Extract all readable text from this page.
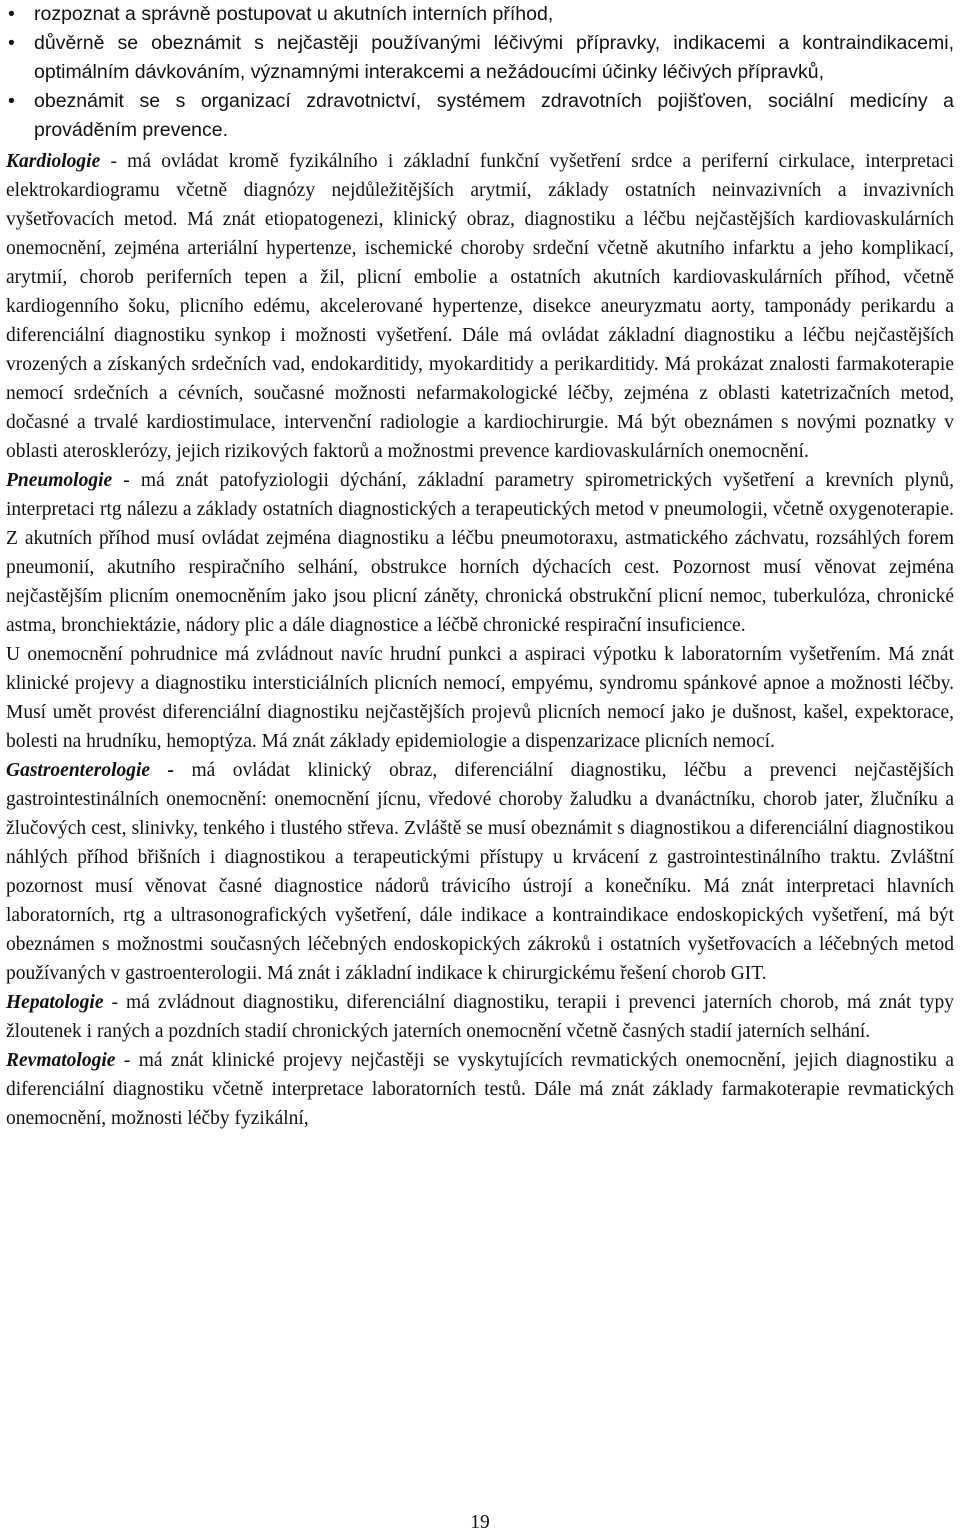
• rozpoznat a správně postupovat u akutních interních příhod,
• důvěrně se obeznámit s nejčastěji používanými léčivými přípravky, indikacemi a kontraindikacemi, optimálním dávkováním, významnými interakcemi a nežádoucími účinky léčivých přípravků,
• obeznámit se s organizací zdravotnictví, systémem zdravotních pojišťoven, sociální medicíny a prováděním prevence.

Kardiologie - má ovládat kromě fyzikálního i základní funkční vyšetření srdce a periferní cirkulace, interpretaci elektrokardiogramu včetně diagnózy nejdůležitějších arytmií, základy ostatních neinvazivních a invazivních vyšetřovacích metod. Má znát etiopatogenezi, klinický obraz, diagnostiku a léčbu nejčastějších kardiovaskulárních onemocnění, zejména arteriální hypertenze, ischemické choroby srdeční včetně akutního infarktu a jeho komplikací, arytmií, chorob periferních tepen a žil, plicní embolie a ostatních akutních kardiovaskulárních příhod, včetně kardiogenního šoku, plicního edému, akcelerované hypertenze, disekce aneuryzmatu aorty, tamponády perikardu a diferenciální diagnostiku synkop i možnosti vyšetření. Dále má ovládat základní diagnostiku a léčbu nejčastějších vrozených a získaných srdečních vad, endokarditidy, myokarditidy a perikarditidy. Má prokázat znalosti farmakoterapie nemocí srdečních a cévních, současné možnosti nefarmakologické léčby, zejména z oblasti katetrizačních metod, dočasné a trvalé kardiostimulace, intervenční radiologie a kardiochirurgie. Má být obeznámen s novými poznatky v oblasti aterosklerózy, jejich rizikových faktorů a možnostmi prevence kardiovaskulárních onemocnění.

Pneumologie - má znát patofyziologii dýchání, základní parametry spirometrických vyšetření a krevních plynů, interpretaci rtg nálezu a základy ostatních diagnostických a terapeutických metod v pneumologii, včetně oxygenoterapie. Z akutních příhod musí ovládat zejména diagnostiku a léčbu pneumotoraxu, astmatického záchvatu, rozsáhlých forem pneumonií, akutního respiračního selhání, obstrukce horních dýchacích cest. Pozornost musí věnovat zejména nejčastějším plicním onemocněním jako jsou plicní záněty, chronická obstrukční plicní nemoc, tuberkulóza, chronické astma, bronchiektázie, nádory plic a dále diagnostice a léčbě chronické respirační insuficience.

U onemocnění pohrudnice má zvládnout navíc hrudní punkci a aspiraci výpotku k laboratorním vyšetřením. Má znát klinické projevy a diagnostiku intersticiálních plicních nemocí, empyému, syndromu spánkové apnoe a možnosti léčby. Musí umět provést diferenciální diagnostiku nejčastějších projevů plicních nemocí jako je dušnost, kašel, expektorace, bolesti na hrudníku, hemoptýza. Má znát základy epidemiologie a dispenzarizace plicních nemocí.

Gastroenterologie - má ovládat klinický obraz, diferenciální diagnostiku, léčbu a prevenci nejčastějších gastrointestinálních onemocnění: onemocnění jícnu, vředové choroby žaludku a dvanáctníku, chorob jater, žlučníku a žlučových cest, slinivky, tenkého i tlustého střeva. Zvláště se musí obeznámit s diagnostikou a diferenciální diagnostikou náhlých příhod břišních i diagnostikou a terapeutickými přístupy u krvácení z gastrointestinálního traktu. Zvláštní pozornost musí věnovat časné diagnostice nádorů trávicího ústrojí a konečníku. Má znát interpretaci hlavních laboratorních, rtg a ultrasonografických vyšetření, dále indikace a kontraindikace endoskopických vyšetření, má být obeznámen s možnostmi současných léčebných endoskopických zákroků i ostatních vyšetřovacích a léčebných metod používaných v gastroenterologii. Má znát i základní indikace k chirurgickému řešení chorob GIT.

Hepatologie - má zvládnout diagnostiku, diferenciální diagnostiku, terapii i prevenci jaterních chorob, má znát typy žloutenek i raných a pozdních stadií chronických jaterních onemocnění včetně časných stadií jaterních selhání.

Revmatologie - má znát klinické projevy nejčastěji se vyskytujících revmatických onemocnění, jejich diagnostiku a diferenciální diagnostiku včetně interpretace laboratorních testů. Dále má znát základy farmakoterapie revmatických onemocnění, možnosti léčby fyzikální,

19
